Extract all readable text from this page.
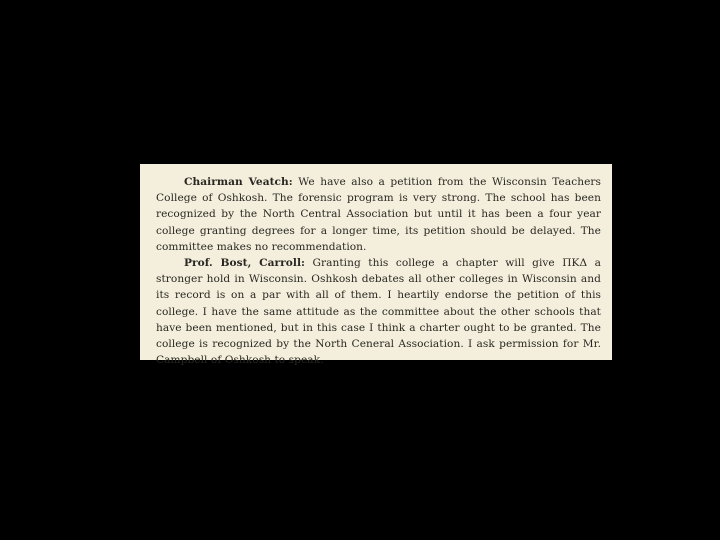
Chairman Veatch: We have also a petition from the Wisconsin Teachers College of Oshkosh. The forensic program is very strong. The school has been recognized by the North Central Association but until it has been a four year college granting degrees for a longer time, its petition should be delayed. The committee makes no recommendation.

Prof. Bost, Carroll: Granting this college a chapter will give ΠΚΔ a stronger hold in Wisconsin. Oshkosh debates all other colleges in Wisconsin and its record is on a par with all of them. I heartily endorse the petition of this college. I have the same attitude as the committee about the other schools that have been mentioned, but in this case I think a charter ought to be granted. The college is recognized by the North Ceneral Association. I ask permission for Mr. Campbell of Oshkosh to speak.
